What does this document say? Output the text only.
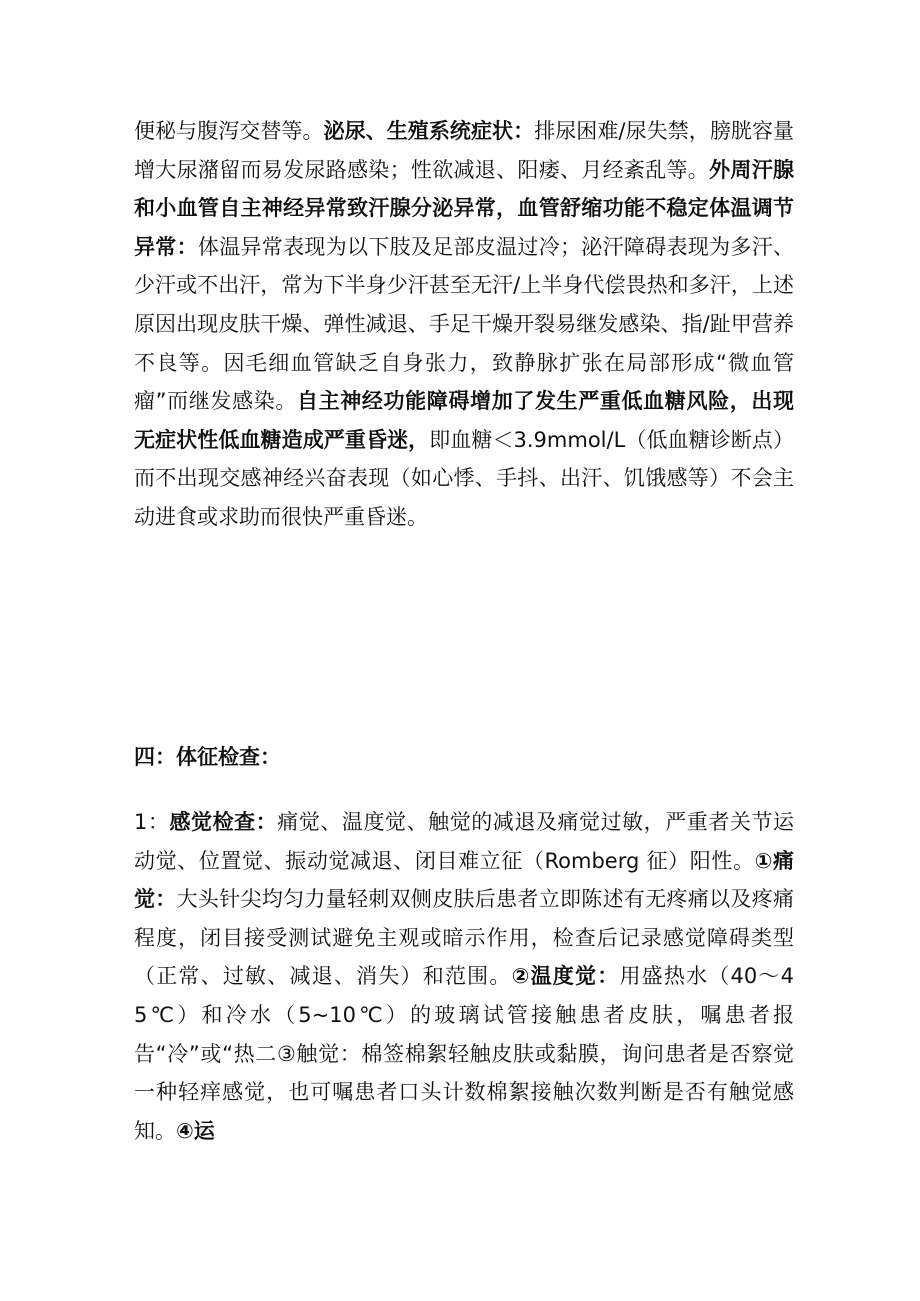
便秘与腹泻交替等。泌尿、生殖系统症状：排尿困难/尿失禁，膀胱容量增大尿潴留而易发尿路感染；性欲减退、阳痿、月经紊乱等。外周汗腺和小血管自主神经异常致汗腺分泌异常，血管舒缩功能不稳定体温调节异常：体温异常表现为以下肢及足部皮温过冷；泌汗障碍表现为多汗、少汗或不出汗，常为下半身少汗甚至无汗/上半身代偿畏热和多汗，上述原因出现皮肤干燥、弹性减退、手足干燥开裂易继发感染、指/趾甲营养不良等。因毛细血管缺乏自身张力，致静脉扩张在局部形成“微血管瘤”而继发感染。自主神经功能障碍增加了发生严重低血糖风险，出现无症状性低血糖造成严重昏迷，即血糖＜3.9mmol/L（低血糖诊断点）而不出现交感神经兴奋表现（如心悸、手抖、出汗、饥饿感等）不会主动进食或求助而很快严重昏迷。

四：体征检查：

1：感觉检查：痛觉、温度觉、触觉的减退及痛觉过敏，严重者关节运动觉、位置觉、振动觉减退、闭目难立征（Romberg 征）阳性。①痛觉：大头针尖均匀力量轻刺双侧皮肤后患者立即陈述有无疼痛以及疼痛程度，闭目接受测试避免主观或暗示作用，检查后记录感觉障碍类型（正常、过敏、减退、消失）和范围。②温度觉：用盛热水（40～45℃）和冷水（5~10℃）的玻璃试管接触患者皮肤，嘱患者报告“冷”或“热二③触觉：棉签棉絮轻触皮肤或黏膜，询问患者是否察觉一种轻痒感觉，也可嘱患者口头计数棉絮接触次数判断是否有触觉感知。④运
